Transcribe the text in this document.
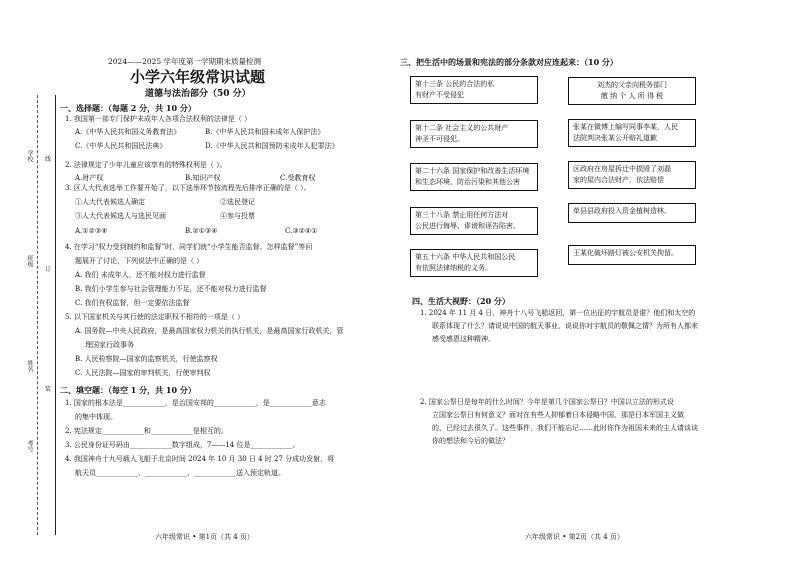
学校
班级
姓名
考号
线
订
装
2024——2025 学年度第一学期期末质量检测
小学六年级常识试题
道德与法治部分（50 分）
一、选择题：（每题 2 分，共 10 分）
1. 我国第一部专门保护未成年人各项合法权利的法律是（ ）
A.《中华人民共和国义务教育法》	B.《中华人民共和国未成年人保护法》
C.《中华人民共和国民法典》	D.《中华人民共和国预防未成年人犯罪法》
2. 法律规定了少年儿童应该享有的特殊权利是（ ）。
A.财产权	B.知识产权	C.受教育权
3. 区人大代表选举工作要开始了，以下选举环节按流程先后排序正确的是（ ）。
①人大代表候选人确定	②选民登记
③人大代表候选人与选民见面	④参与投票
A.①②③④	B.②①③④	C.③②④①
4. 在学习“权力受到制约和监督”时，同学们就“小学生能否监督、怎样监督”等问
题展开了讨论，下列说法中正确的是（ ）
A. 我们 未成年人，还不能对权力进行监督
B. 我们小学生参与社会管理能力不足，还不能对权力进行监督
C. 我们有权监督，但一定要依法监督
5. 以下国家机关与其行使的法定职权不相符的一项是（ ）
A. 国务院—中央人民政府，是最高国家权力机关的执行机关，是最高国家行政机关，管
理国家行政事务
B. 人民检察院—国家的监察机关，行使监察权
C. 人民法院—国家的审判机关，行使审判权
二、填空题：（每空 1 分，共 10 分）
1. 国家的根本法是____________，是治国安邦的____________，是____________意志
的集中体现。
2. 宪法规定____________和____________是相互的。
3. 公民身份证号码由____________数字组成，7——14 位是____________。
4. 我国神舟十九号载人飞船于北京时间 2024 年 10 月 30 日 4 时 27 分成功发射，将
航天员____________、____________、____________送入预定轨道。
六年级常识 • 第1页（共 4 页）
三、把生活中的场景和宪法的部分条款对应连起来：（10 分）
第十三条 公民的合法的私
有财产不受侵犯
第十二条 社会主义的公共财产
神圣不可侵犯。
第二十六条 国家保护和改善生活环境
和生态环境，防治污染和其他公害
第三十八条 禁止用任何方法对
公民进行侮辱、诽谤和诬告陷害。
第五十六条 中华人民共和国公民
有依照法律纳税的义务。
刘杰的父亲向税务部门
缴 纳 个 人 所 得 税
张某在微博上编写同事李某，人民
法院判决张某公开赔礼道歉
区政府在房屋拆迁中损毁了刘磊
家的屋内合法财产，依法赔偿
单县县政府投入资金植树造林。
王某化破坏路灯被公安机关拘留。
四、生活大视野：（20 分）
1. 2024 年 11 月 4 日，神舟十八号飞船返回，第一位出征的宇航员是谁？他们和太空的
联系体现了什么？请说说中国的航天事业，说说你对宇航员的敬佩之情？为所有人都来
感受感恩这种精神。
2. 国家公祭日是每年的什么时间？今年是第几个国家公祭日？中国以立法的形式设
立国家公祭日有何意义？面对在有些人抑郁着日本侵略中国，那是日本军国主义做
的，已经过去很久了。这些事件，我们不能忘记……此时你作为祖国未来的主人请谈谈
你的想法和今后的做法？
六年级常识 • 第2页（共 4 页）
